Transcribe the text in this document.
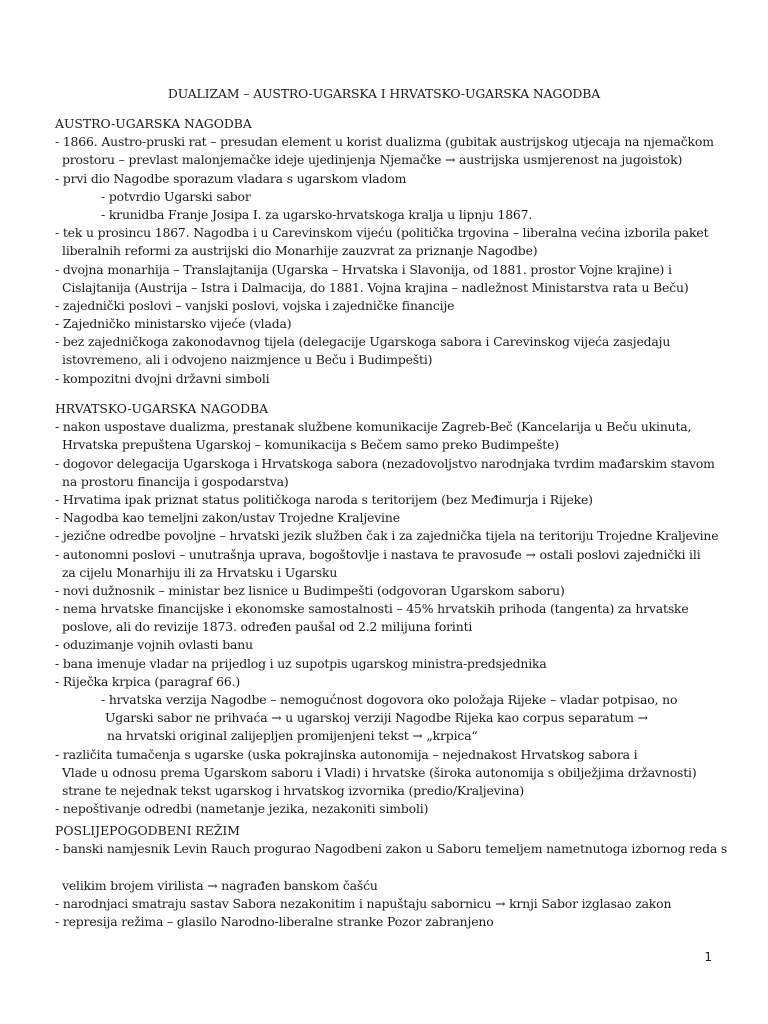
DUALIZAM – AUSTRO-UGARSKA I HRVATSKO-UGARSKA NAGODBA
AUSTRO-UGARSKA NAGODBA
- 1866. Austro-pruski rat – presudan element u korist dualizma (gubitak austrijskog utjecaja na njemačkom
prostoru – prevlast malonjemačke ideje ujedinjenja Njemačke → austrijska usmjerenost na jugoistok)
- prvi dio Nagodbe sporazum vladara s ugarskom vladom
- potvrdio Ugarski sabor
- krunidba Franje Josipa I. za ugarsko-hrvatskoga kralja u lipnju 1867.
- tek u prosincu 1867. Nagodba i u Carevinskom vijeću (politička trgovina – liberalna većina izborila paket
liberalnih reformi za austrijski dio Monarhije zauzvrat za priznanje Nagodbe)
- dvojna monarhija – Translajtanija (Ugarska – Hrvatska i Slavonija, od 1881. prostor Vojne krajine) i
Cislajtanija (Austrija – Istra i Dalmacija, do 1881. Vojna krajina – nadležnost Ministarstva rata u Beču)
- zajednički poslovi – vanjski poslovi, vojska i zajedničke financije
- Zajedničko ministarsko vijeće (vlada)
- bez zajedničkoga zakonodavnog tijela (delegacije Ugarskoga sabora i Carevinskog vijeća zasjedaju
istovremeno, ali i odvojeno naizmjence u Beču i Budimpešti)
- kompozitni dvojni državni simboli
HRVATSKO-UGARSKA NAGODBA
- nakon uspostave dualizma, prestanak službene komunikacije Zagreb-Beč (Kancelarija u Beču ukinuta,
Hrvatska prepuštena Ugarskoj – komunikacija s Bečem samo preko Budimpešte)
- dogovor delegacija Ugarskoga i Hrvatskoga sabora (nezadovoljstvo narodnjaka tvrdim mađarskim stavom
na prostoru financija i gospodarstva)
- Hrvatima ipak priznat status političkoga naroda s teritorijem (bez Međimurja i Rijeke)
- Nagodba kao temeljni zakon/ustav Trojedne Kraljevine
- jezične odredbe povoljne – hrvatski jezik služben čak i za zajednička tijela na teritoriju Trojedne Kraljevine
- autonomni poslovi – unutrašnja uprava, bogoštovlje i nastava te pravosuđe → ostali poslovi zajednički ili
za cijelu Monarhiju ili za Hrvatsku i Ugarsku
- novi dužnosnik – ministar bez lisnice u Budimpešti (odgovoran Ugarskom saboru)
- nema hrvatske financijske i ekonomske samostalnosti – 45% hrvatskih prihoda (tangenta) za hrvatske
poslove, ali do revizije 1873. određen paušal od 2.2 milijuna forinti
- oduzimanje vojnih ovlasti banu
- bana imenuje vladar na prijedlog i uz supotpis ugarskog ministra-predsjednika
- Riječka krpica (paragraf 66.)
- hrvatska verzija Nagodbe – nemogućnost dogovora oko položaja Rijeke – vladar potpisao, no
Ugarski sabor ne prihvaća → u ugarskoj verziji Nagodbe Rijeka kao corpus separatum →
na hrvatski original zalijepljen promijenjeni tekst → „krpica“
- različita tumačenja s ugarske (uska pokrajinska autonomija – nejednakost Hrvatskog sabora i
Vlade u odnosu prema Ugarskom saboru i Vladi) i hrvatske (široka autonomija s obilježjima državnosti)
strane te nejednak tekst ugarskog i hrvatskog izvornika (predio/Kraljevina)
- nepoštivanje odredbi (nametanje jezika, nezakoniti simboli)
POSLIJEPOGODBENI REŽIM
- banski namjesnik Levin Rauch progurao Nagodbeni zakon u Saboru temeljem nametnutoga izbornog reda s
velikim brojem virilista → nagrađen banskom čašću
- narodnjaci smatraju sastav Sabora nezakonitim i napuštaju sabornicu → krnji Sabor izglasao zakon
- represija režima – glasilo Narodno-liberalne stranke Pozor zabranjeno
1
